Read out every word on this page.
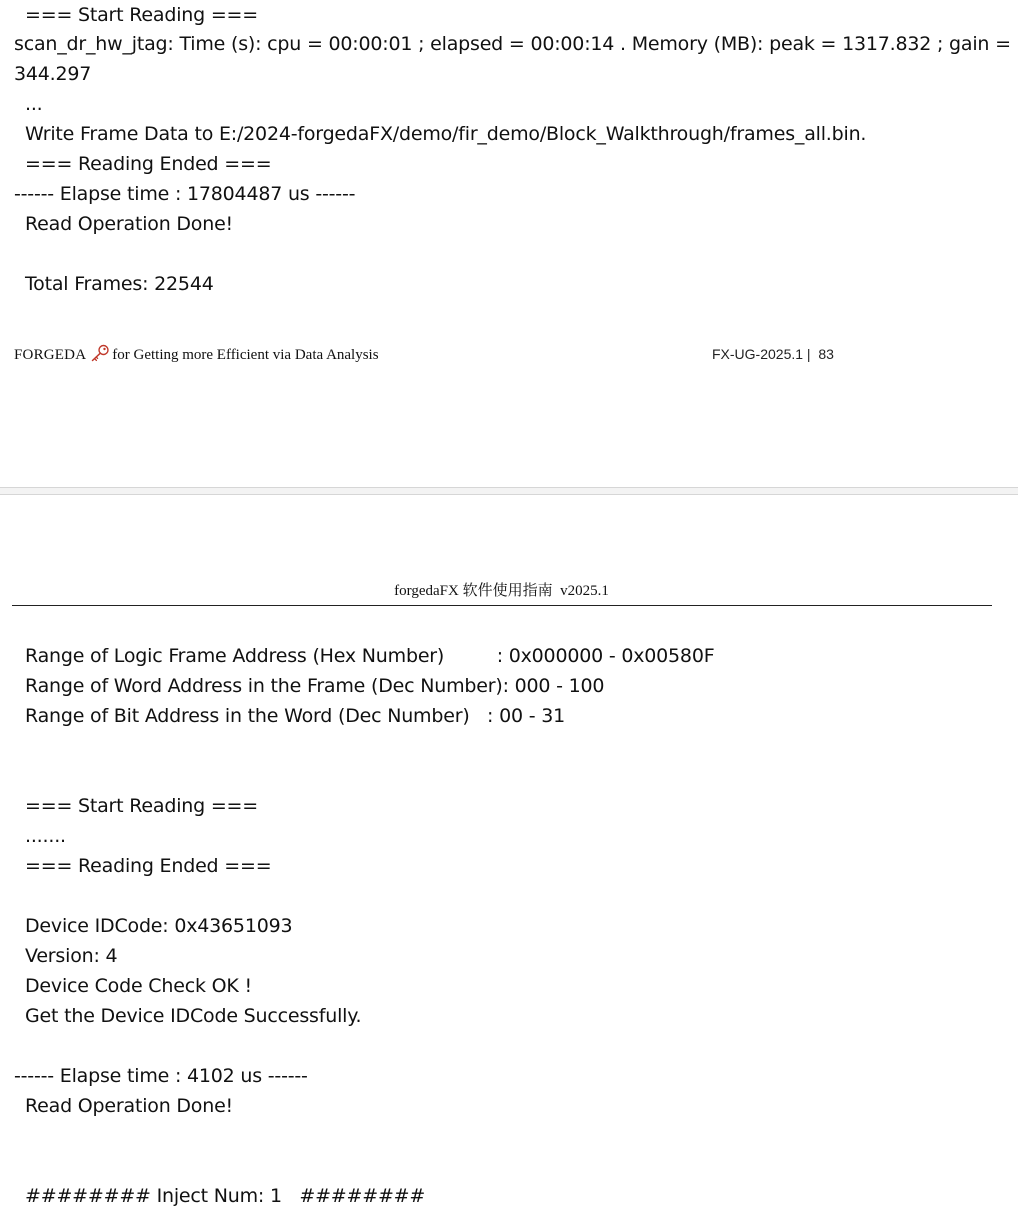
=== Start Reading ===
scan_dr_hw_jtag: Time (s): cpu = 00:00:01 ; elapsed = 00:00:14 . Memory (MB): peak = 1317.832 ; gain =
344.297
...
Write Frame Data to E:/2024-forgedaFX/demo/fir_demo/Block_Walkthrough/frames_all.bin.
=== Reading Ended ===
------ Elapse time : 17804487 us ------
Read Operation Done!
Total Frames: 22544
FORGEDA for Getting more Efficient via Data Analysis	FX-UG-2025.1 |  83
forgedaFX 软件使用指南  v2025.1
Range of Logic Frame Address (Hex Number)         : 0x000000 - 0x00580F
Range of Word Address in the Frame (Dec Number): 000 - 100
Range of Bit Address in the Word (Dec Number)   : 00 - 31
=== Start Reading ===
.......
=== Reading Ended ===
Device IDCode: 0x43651093
Version: 4
Device Code Check OK !
Get the Device IDCode Successfully.
------ Elapse time : 4102 us ------
Read Operation Done!
######## Inject Num: 1   ########
